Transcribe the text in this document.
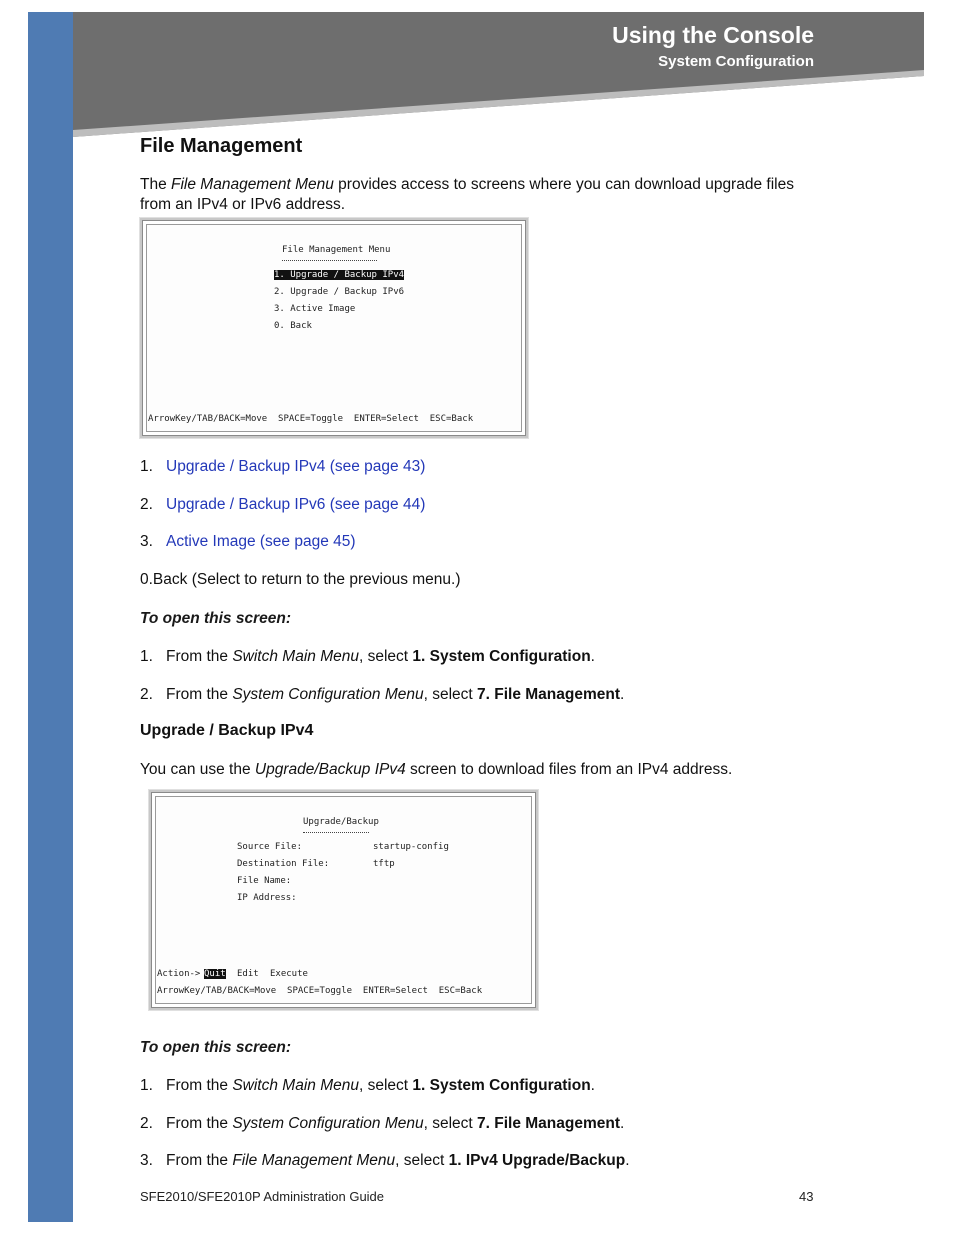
Using the Console
System Configuration
File Management
The File Management Menu provides access to screens where you can download upgrade files from an IPv4 or IPv6 address.
File Management Menu
1. Upgrade / Backup IPv4
2. Upgrade / Backup IPv6
3. Active Image
0. Back
ArrowKey/TAB/BACK=Move  SPACE=Toggle  ENTER=Select  ESC=Back
1. Upgrade / Backup IPv4 (see page 43)
2. Upgrade / Backup IPv6 (see page 44)
3. Active Image (see page 45)
0.Back (Select to return to the previous menu.)
To open this screen:
1. From the Switch Main Menu, select 1. System Configuration.
2. From the System Configuration Menu, select 7. File Management.
Upgrade / Backup IPv4
You can use the Upgrade/Backup IPv4 screen to download files from an IPv4 address.
Upgrade/Backup
Source File:	startup-config
Destination File:	tftp
File Name:
IP Address:
Action-> Quit Edit Execute
ArrowKey/TAB/BACK=Move  SPACE=Toggle  ENTER=Select  ESC=Back
To open this screen:
1. From the Switch Main Menu, select 1. System Configuration.
2. From the System Configuration Menu, select 7. File Management.
3. From the File Management Menu, select 1. IPv4 Upgrade/Backup.
SFE2010/SFE2010P Administration Guide	43
